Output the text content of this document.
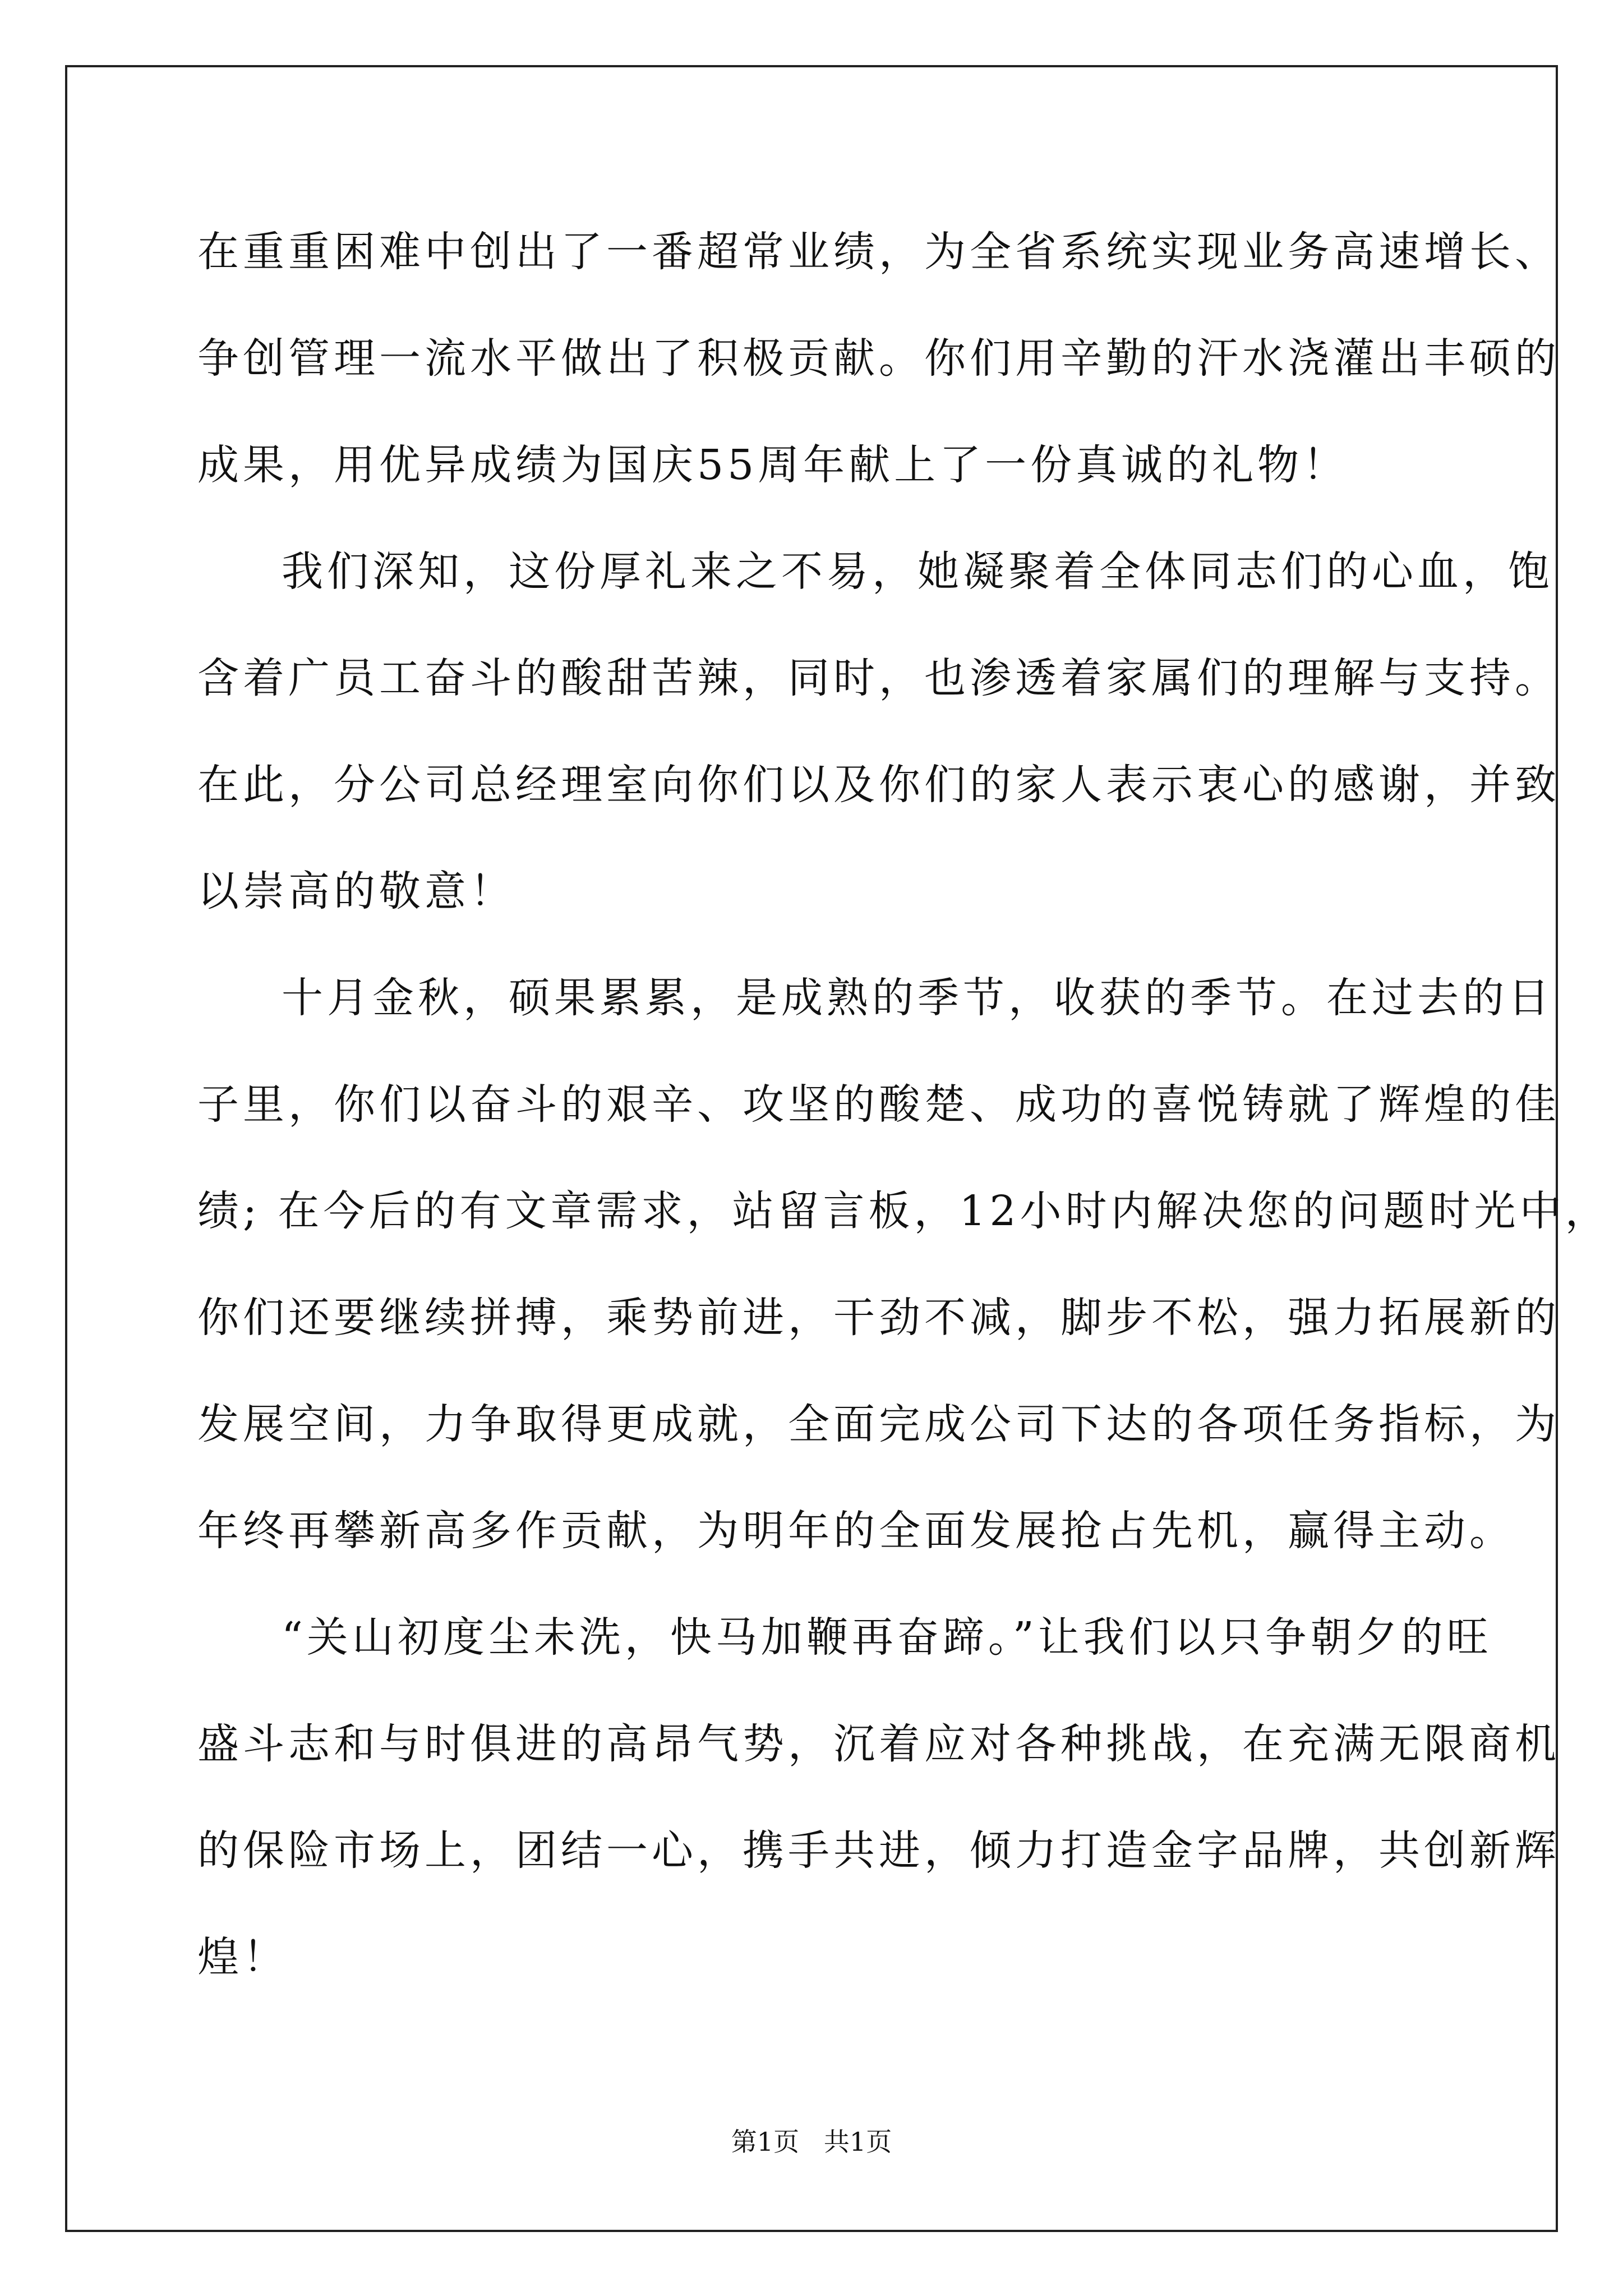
在重重困难中创出了一番超常业绩，为全省系统实现业务高速增长、
争创管理一流水平做出了积极贡献。你们用辛勤的汗水浇灌出丰硕的
成果，用优异成绩为国庆55周年献上了一份真诚的礼物！
我们深知，这份厚礼来之不易，她凝聚着全体同志们的心血，饱
含着广员工奋斗的酸甜苦辣，同时，也渗透着家属们的理解与支持。
在此，分公司总经理室向你们以及你们的家人表示衷心的感谢，并致
以崇高的敬意！
十月金秋，硕果累累，是成熟的季节，收获的季节。在过去的日
子里，你们以奋斗的艰辛、攻坚的酸楚、成功的喜悦铸就了辉煌的佳
绩; 在今后的有文章需求，站留言板，12小时内解决您的问题时光中，
你们还要继续拼搏，乘势前进，干劲不减，脚步不松，强力拓展新的
发展空间，力争取得更成就，全面完成公司下达的各项任务指标，为
年终再攀新高多作贡献，为明年的全面发展抢占先机，赢得主动。
“关山初度尘未洗，快马加鞭再奋蹄。”让我们以只争朝夕的旺
盛斗志和与时俱进的高昂气势，沉着应对各种挑战，在充满无限商机
的保险市场上，团结一心，携手共进，倾力打造金字品牌，共创新辉
煌！
第1页   共1页
